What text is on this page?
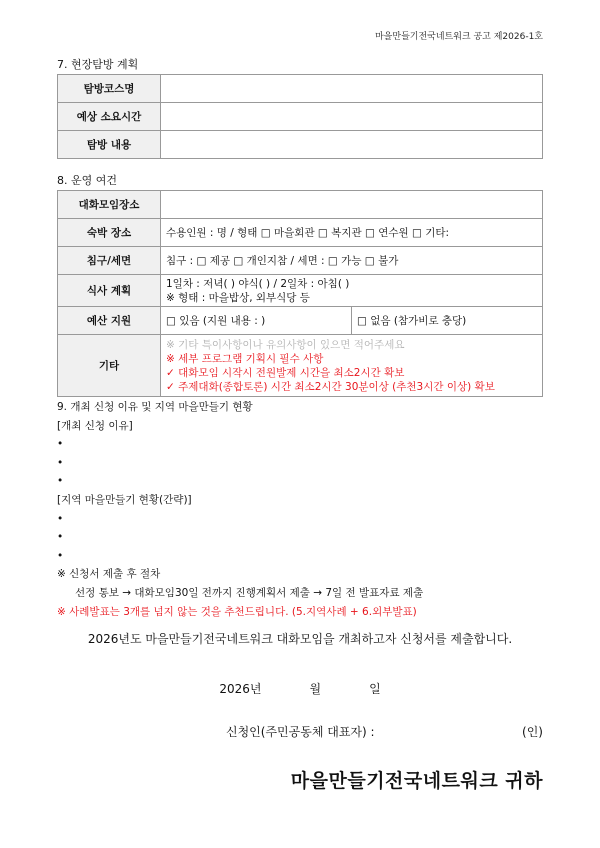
마을만들기전국네트워크 공고 제2026-1호
7. 현장탐방 계획
탐방코스명	
예상 소요시간	
탐방 내용	
8. 운영 여건
대화모임장소		
숙박 장소	수용인원 : 명 / 형태 □ 마을회관 □ 복지관 □ 연수원 □ 기타:	
침구/세면	침구 : □ 제공 □ 개인지참 / 세면 : □ 가능 □ 불가	
식사 계획	1일차 : 저녁( ) 야식( ) / 2일차 : 아침( )
※ 형태 : 마을밥상, 외부식당 등	

예산 지원	□ 있음 (지원 내용 : )	□ 없음 (참가비로 충당)
기타	※ 기타 특이사항이나 유의사항이 있으면 적어주세요
※ 세부 프로그램 기획시 필수 사항
✓ 대화모임 시작시 전원발제 시간을 최소2시간 확보
✓ 주제대화(종합토론) 시간 최소2시간 30분이상 (추천3시간 이상) 확보	
9. 개최 신청 이유 및 지역 마을만들기 현황
[개최 신청 이유]
•
•
•
[지역 마을만들기 현황(간략)]
•
•
•
※ 신청서 제출 후 절차
선정 통보 → 대화모임30일 전까지 진행계획서 제출 → 7일 전 발표자료 제출
※ 사례발표는 3개를 넘지 않는 것을 추천드립니다. (5.지역사례 + 6.외부발표)
2026년도 마을만들기전국네트워크 대화모임을 개최하고자 신청서를 제출합니다.
2026년	월	일
신청인(주민공동체 대표자) :	(인)
마을만들기전국네트워크 귀하
